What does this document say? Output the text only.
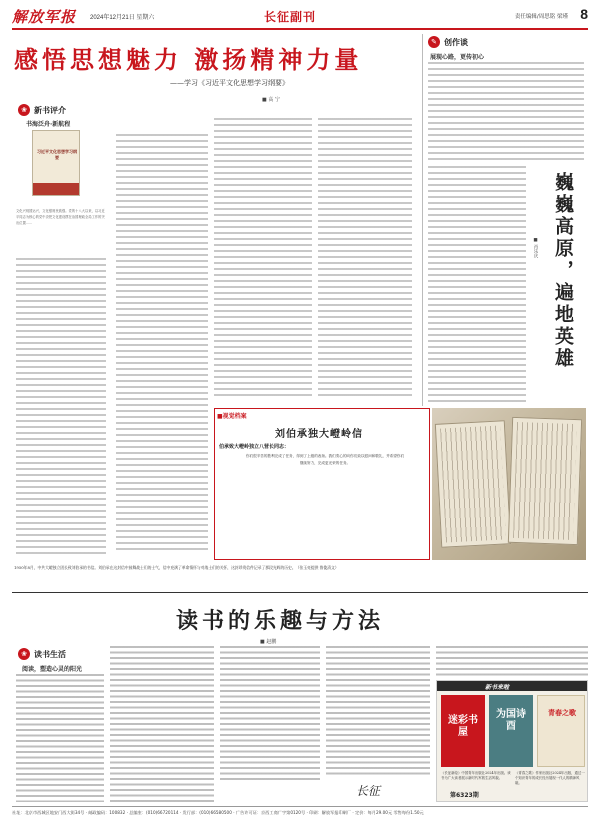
解放军报 2024年12月21日 星期六	长征副刊	责任编辑/周思铭 梁瑾 8
感悟思想魅力 激扬精神力量
——学习《习近平文化思想学习纲要》
■ 高 宁
❀ 新书评介
书海泛舟·新航程
习近平文化思想学习纲要
文化兴则国运兴，文化强则民族强。党的十八大以来，以习近平同志为核心的党中央把文化建设摆在治国理政全局工作的突出位置……
✎ 创作谈
展现心路，更传初心
巍巍高原，遍地英雄
■ 肖乐庆
■视觉档案
刘伯承独大嶝岭信
伯承致大嶝岭独立八营长同志：
你们很辛苦的胜利完成了任务，得到了上级的表扬。我们衷心的向你们致以慰问和敬礼，并希望你们继续努力，完成更光荣的任务。
1950年8月，中共大嶝独立团长致刘伯承的书信。刘伯承在这封信中鼓舞战士们的士气，信中充满了革命情怀与对战士们的关怀，这封珍贵信件记录了那段光辉的历史。（张玉亮提供 鲁俊清文）
读书的乐趣与方法
■ 赵鹏
❀ 读书生活
阅读，塑造心灵的阳光
新书来啦
迷彩书屋
为国诗酉
青春之歌
《长征新绘》中国青年出版社2024年出版。该书为广大读者展示新时代军旅生活风貌。
《青春之歌》作家出版社2024年出版，通过一个知识青年的成长经历展现一代人的精神风貌。
长征	第6323期
社址：北京市西城区地安门西大街34号 · 邮政编码：100832 · 总编室：(010)66720114 · 发行部：(010)66580500 · 广告许可证：京西工商广字第0120号 · 印刷：解放军报印刷厂 · 定价：每月29.00元 零售每份1.50元
